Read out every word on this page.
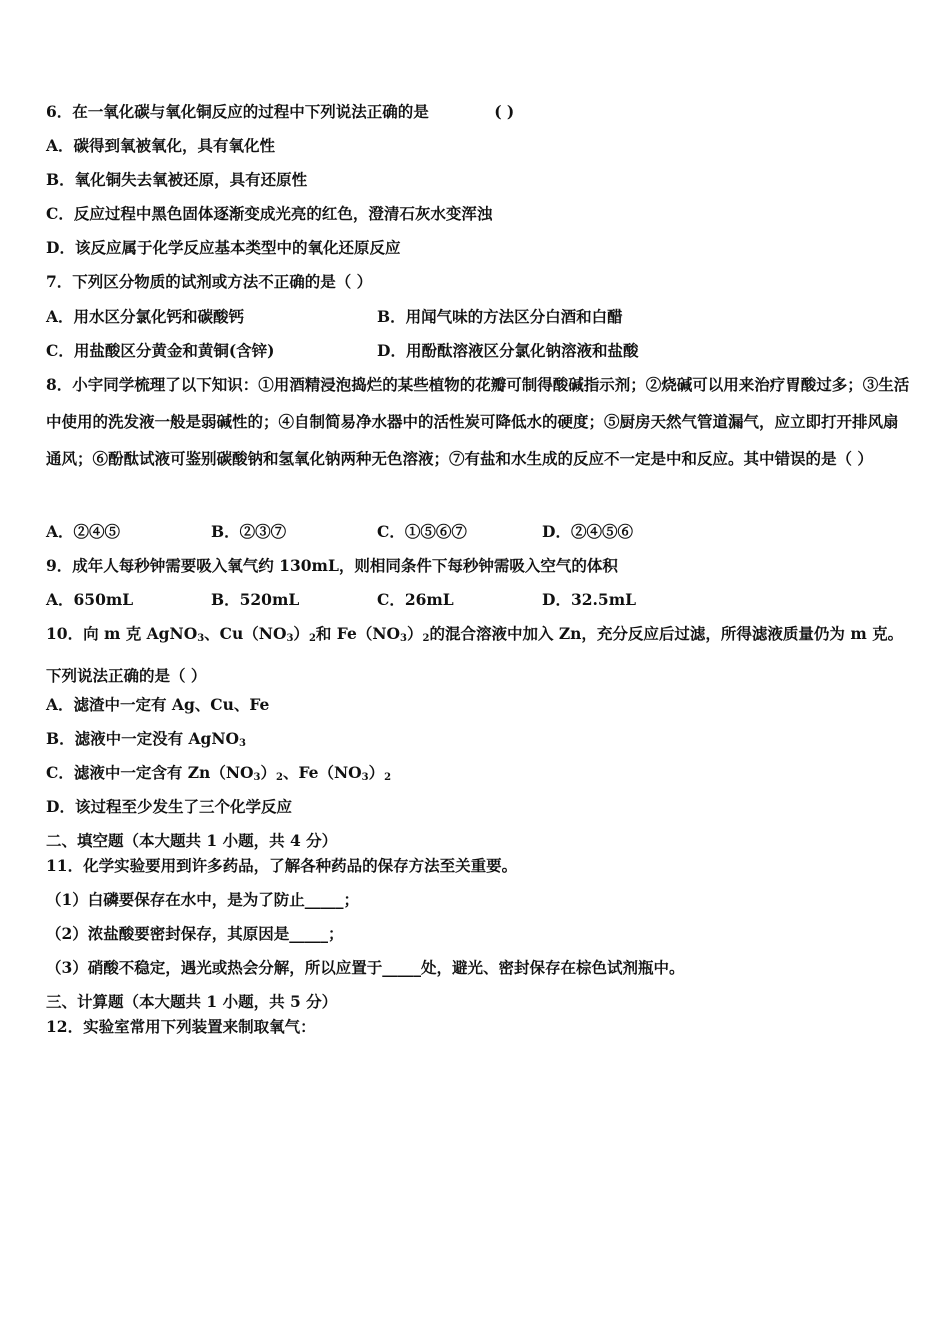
6．在一氧化碳与氧化铜反应的过程中下列说法正确的是	( )
A．碳得到氧被氧化，具有氧化性
B．氧化铜失去氧被还原，具有还原性
C．反应过程中黑色固体逐渐变成光亮的红色，澄清石灰水变浑浊
D．该反应属于化学反应基本类型中的氧化还原反应
7．下列区分物质的试剂或方法不正确的是（ ）
A．用水区分氯化钙和碳酸钙	B．用闻气味的方法区分白酒和白醋
C．用盐酸区分黄金和黄铜(含锌)	D．用酚酞溶液区分氯化钠溶液和盐酸
8．小宇同学梳理了以下知识：①用酒精浸泡捣烂的某些植物的花瓣可制得酸碱指示剂；②烧碱可以用来治疗胃酸过多；③生活中使用的洗发液一般是弱碱性的；④自制简易净水器中的活性炭可降低水的硬度；⑤厨房天然气管道漏气，应立即打开排风扇通风；⑥酚酞试液可鉴别碳酸钠和氢氧化钠两种无色溶液；⑦有盐和水生成的反应不一定是中和反应。其中错误的是（ ）
A．②④⑤	B．②③⑦	C．①⑤⑥⑦	D．②④⑤⑥
9．成年人每秒钟需要吸入氧气约 130mL，则相同条件下每秒钟需吸入空气的体积
A．650mL	B．520mL	C．26mL	D．32.5mL
10．向 m 克 AgNO$_3$、$Cu(NO_3)_2$和 $Fe(NO_3)_2$的混合溶液中加入 Zn，充分反应后过滤，所得滤液质量仍为 m 克。下列说法正确的是（ ）
A．滤渣中一定有 Ag、Cu、Fe
B．滤液中一定没有 AgNO$_3$
C．滤液中一定含有 $Zn(NO_3)_2$、$Fe(NO_3)_2$
D．该过程至少发生了三个化学反应
二、填空题（本大题共 1 小题，共 4 分）
11．化学实验要用到许多药品，了解各种药品的保存方法至关重要。
（1）白磷要保存在水中，是为了防止_____；
（2）浓盐酸要密封保存，其原因是_____；
（3）硝酸不稳定，遇光或热会分解，所以应置于_____处，避光、密封保存在棕色试剂瓶中。
三、计算题（本大题共 1 小题，共 5 分）
12．实验室常用下列装置来制取氧气：
